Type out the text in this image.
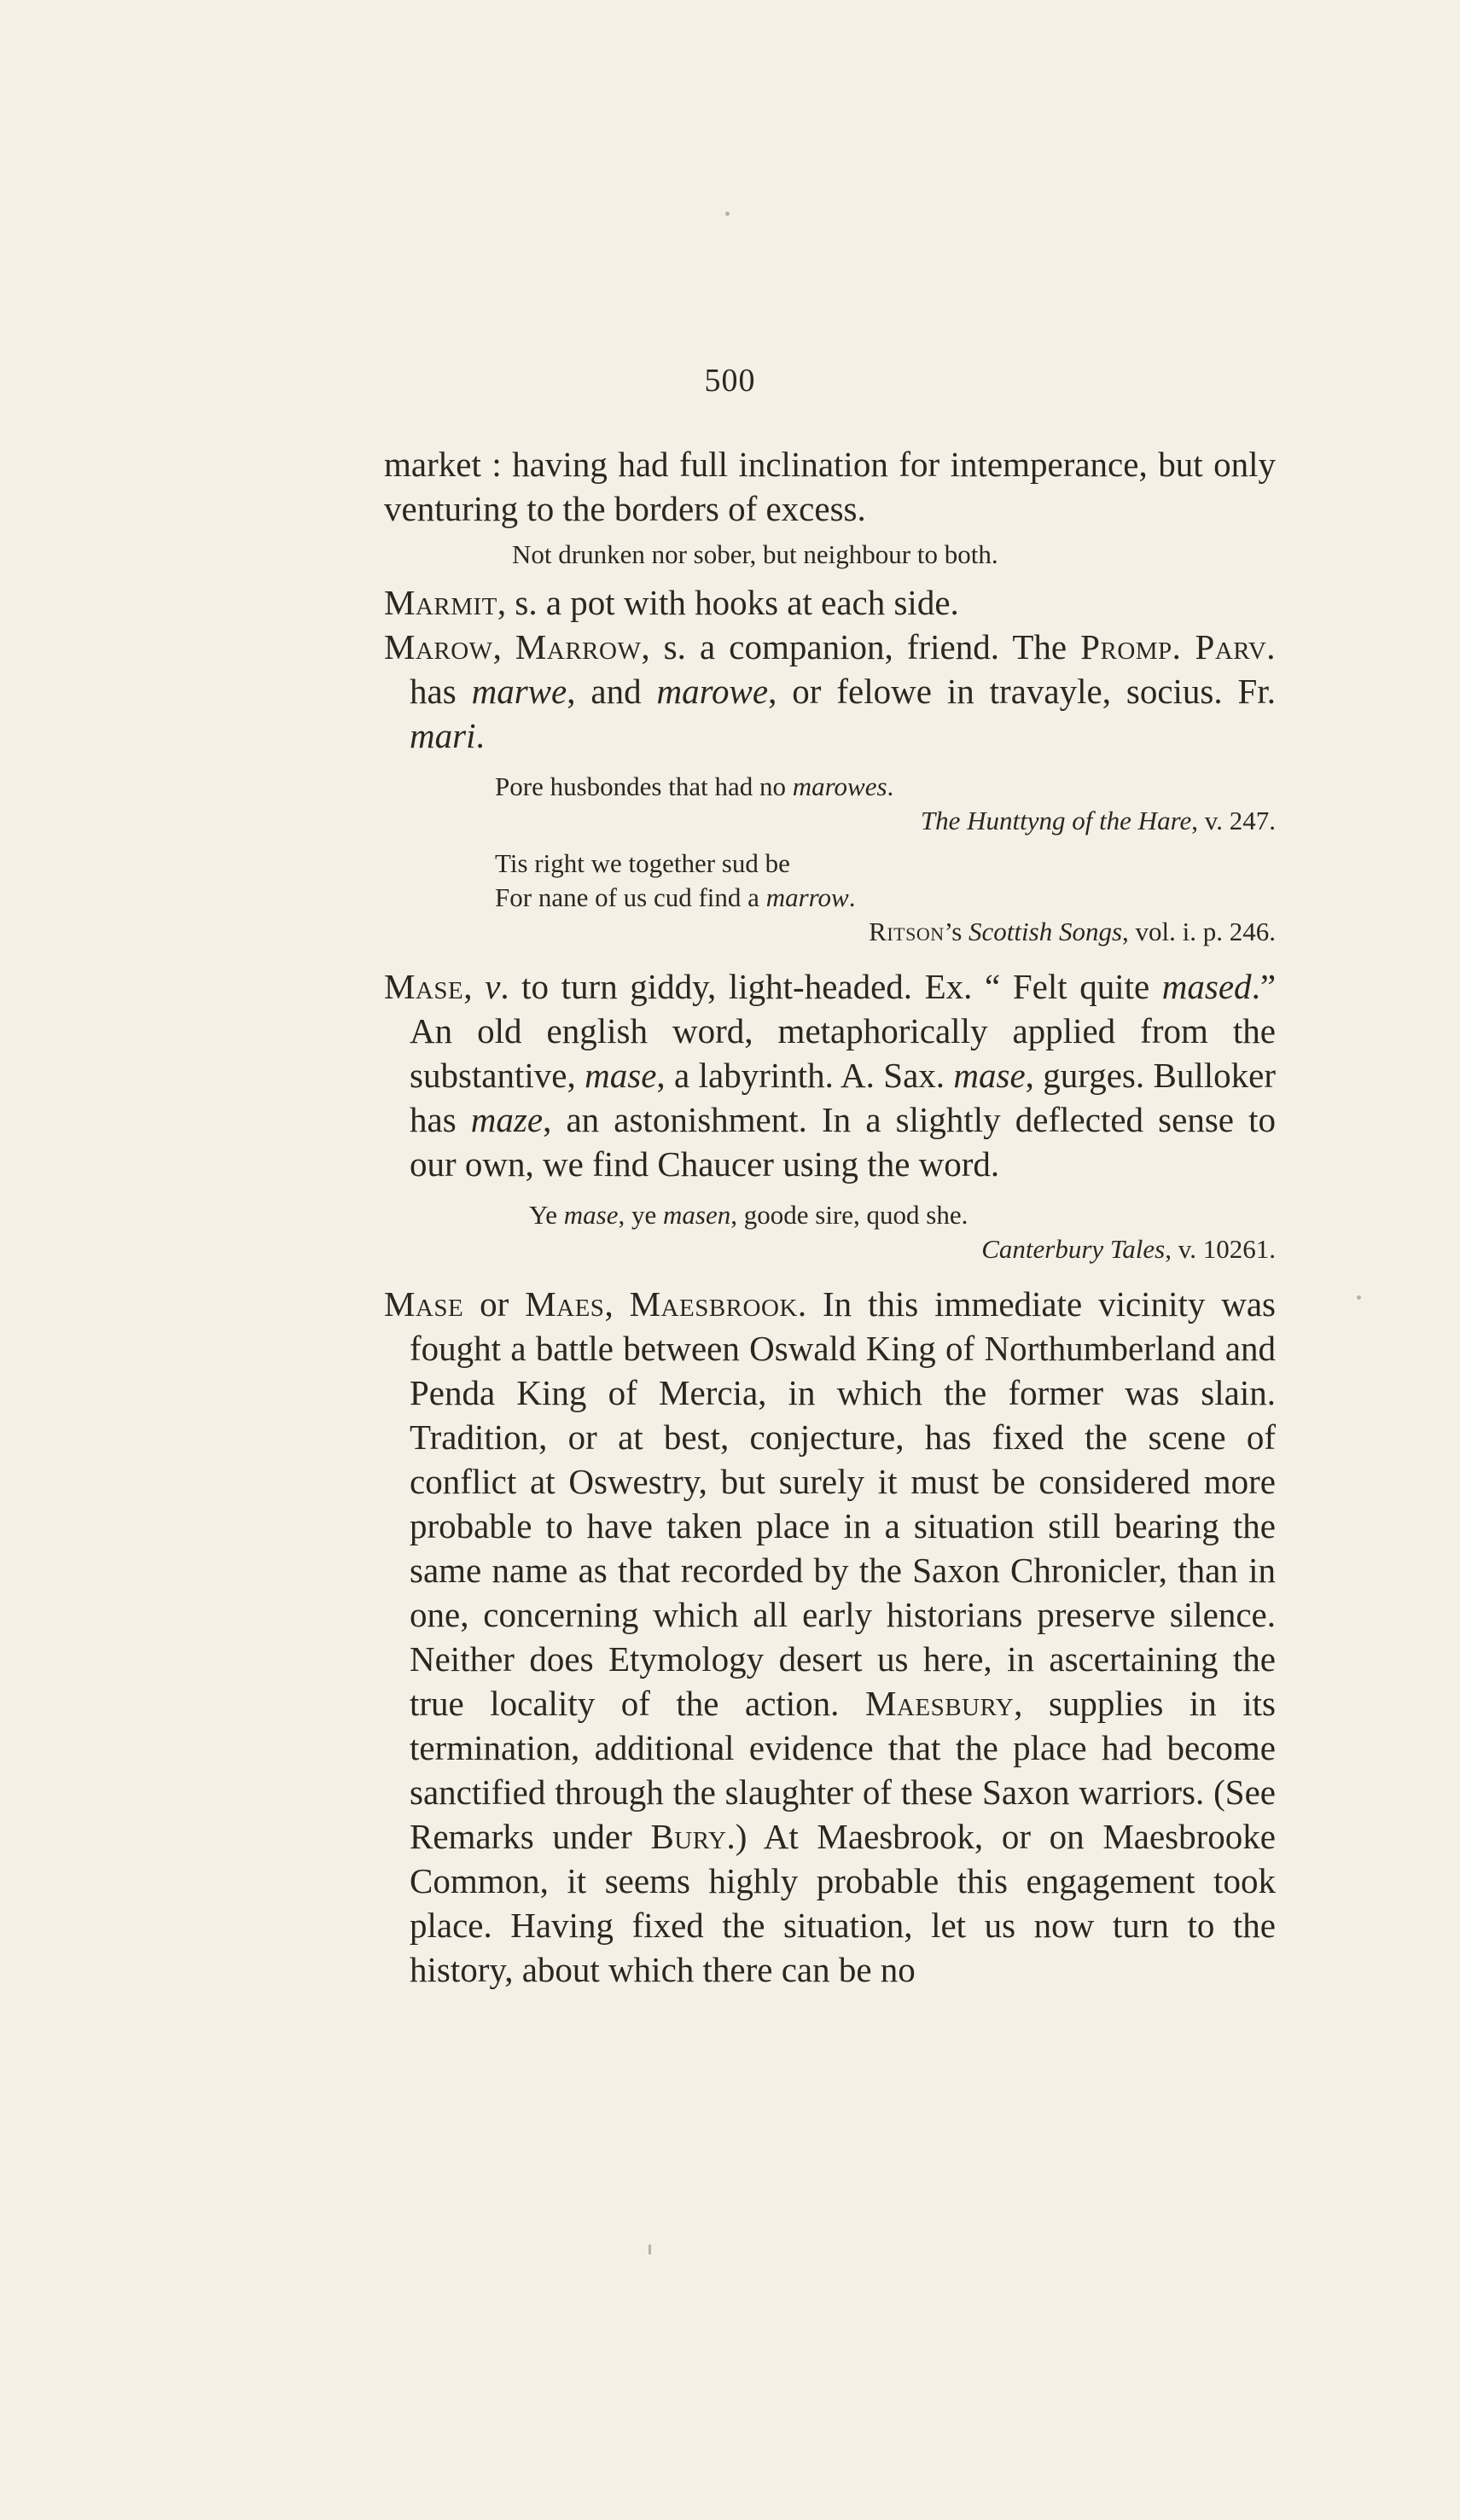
500

market : having had full inclination for intemperance, but only venturing to the borders of excess.

Not drunken nor sober, but neighbour to both.

Marmit, s. a pot with hooks at each side.

Marow, Marrow, s. a companion, friend. The Promp. Parv. has marwe, and marowe, or felowe in travayle, socius. Fr. mari.

Pore husbondes that had no marowes.
The Hunttyng of the Hare, v. 247.
Tis right we together sud be
For nane of us cud find a marrow.
Ritson’s Scottish Songs, vol. i. p. 246.

Mase, v. to turn giddy, light-headed. Ex. “ Felt quite mased.” An old english word, metaphorically applied from the substantive, mase, a labyrinth. A. Sax. mase, gurges. Bulloker has maze, an astonishment. In a slightly deflected sense to our own, we find Chaucer using the word.

Ye mase, ye masen, goode sire, quod she.
Canterbury Tales, v. 10261.

Mase or Maes, Maesbrook. In this immediate vicinity was fought a battle between Oswald King of Northumberland and Penda King of Mercia, in which the former was slain. Tradition, or at best, conjecture, has fixed the scene of conflict at Oswestry, but surely it must be considered more probable to have taken place in a situation still bearing the same name as that recorded by the Saxon Chronicler, than in one, concerning which all early historians preserve silence. Neither does Etymology desert us here, in ascertaining the true locality of the action. Maesbury, supplies in its termination, additional evidence that the place had become sanctified through the slaughter of these Saxon warriors. (See Remarks under Bury.) At Maesbrook, or on Maesbrooke Common, it seems highly probable this engagement took place. Having fixed the situation, let us now turn to the history, about which there can be no
